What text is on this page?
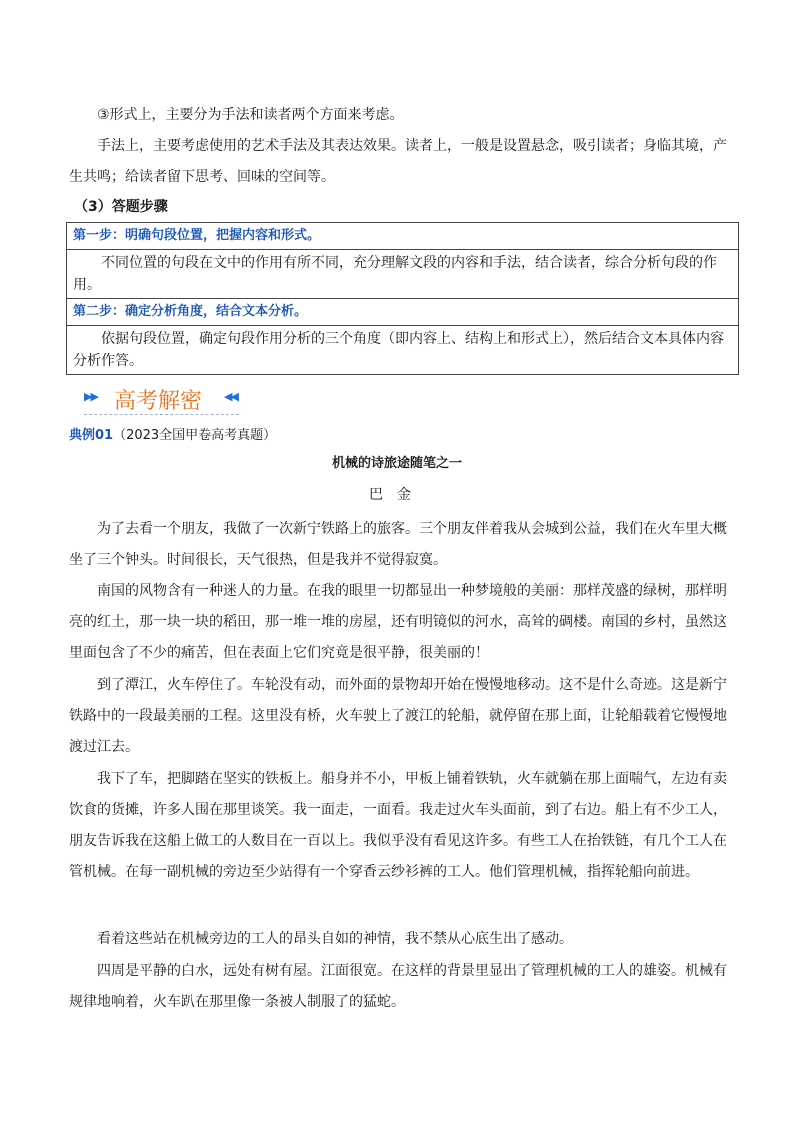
③形式上，主要分为手法和读者两个方面来考虑。

手法上，主要考虑使用的艺术手法及其表达效果。读者上，一般是设置悬念，吸引读者；身临其境，产生共鸣；给读者留下思考、回味的空间等。

（3）答题步骤

第一步：明确句段位置，把握内容和形式。
不同位置的句段在文中的作用有所不同，充分理解文段的内容和手法，结合读者，综合分析句段的作用。
第二步：确定分析角度，结合文本分析。
依据句段位置，确定句段作用分析的三个角度（即内容上、结构上和形式上），然后结合文本具体内容分析作答。
▶▶ 高考解密 ◀◀

典例01（2023全国甲卷高考真题）

机械的诗旅途随笔之一

巴金

为了去看一个朋友，我做了一次新宁铁路上的旅客。三个朋友伴着我从会城到公益，我们在火车里大概坐了三个钟头。时间很长，天气很热，但是我并不觉得寂寞。

南国的风物含有一种迷人的力量。在我的眼里一切都显出一种梦境般的美丽：那样茂盛的绿树，那样明亮的红土，那一块一块的稻田，那一堆一堆的房屋，还有明镜似的河水，高耸的碉楼。南国的乡村，虽然这里面包含了不少的痛苦，但在表面上它们究竟是很平静，很美丽的！

到了潭江，火车停住了。车轮没有动，而外面的景物却开始在慢慢地移动。这不是什么奇迹。这是新宁铁路中的一段最美丽的工程。这里没有桥，火车驶上了渡江的轮船，就停留在那上面，让轮船载着它慢慢地渡过江去。

我下了车，把脚踏在坚实的铁板上。船身并不小，甲板上铺着铁轨，火车就躺在那上面喘气，左边有卖饮食的货摊，许多人围在那里谈笑。我一面走，一面看。我走过火车头面前，到了右边。船上有不少工人，朋友告诉我在这船上做工的人数目在一百以上。我似乎没有看见这许多。有些工人在抬铁链，有几个工人在管机械。在每一副机械的旁边至少站得有一个穿香云纱衫裤的工人。他们管理机械，指挥轮船向前进。

看着这些站在机械旁边的工人的昂头自如的神情，我不禁从心底生出了感动。

四周是平静的白水，远处有树有屋。江面很宽。在这样的背景里显出了管理机械的工人的雄姿。机械有规律地响着，火车趴在那里像一条被人制服了的猛蛇。
